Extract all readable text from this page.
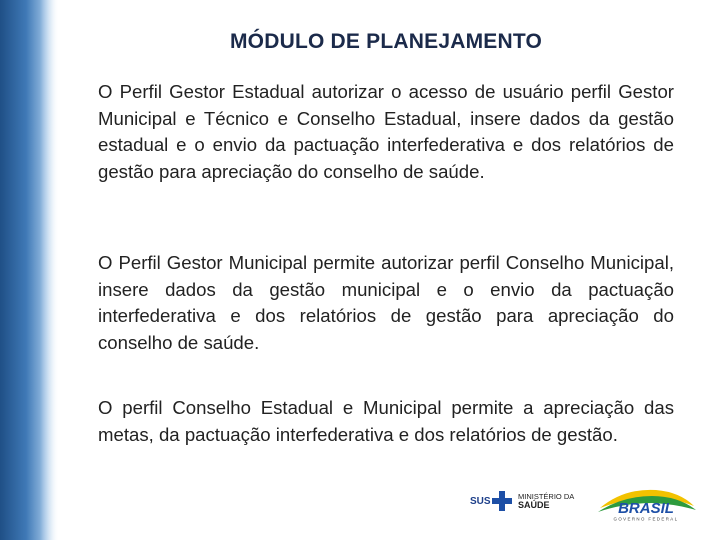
MÓDULO DE PLANEJAMENTO
O Perfil Gestor Estadual autorizar o acesso de usuário perfil Gestor Municipal e Técnico e Conselho Estadual, insere dados da gestão estadual e o envio da pactuação interfederativa e dos relatórios de gestão para apreciação do conselho de saúde.
O Perfil Gestor Municipal permite autorizar perfil Conselho Municipal, insere dados da gestão municipal e o envio da pactuação interfederativa e dos relatórios de gestão para apreciação do conselho de saúde.
O perfil Conselho Estadual e Municipal permite a apreciação das metas, da pactuação interfederativa e dos relatórios de gestão.
SUS	MINISTÉRIO DA
SAÚDE	BRASIL
GOVERNO FEDERAL
